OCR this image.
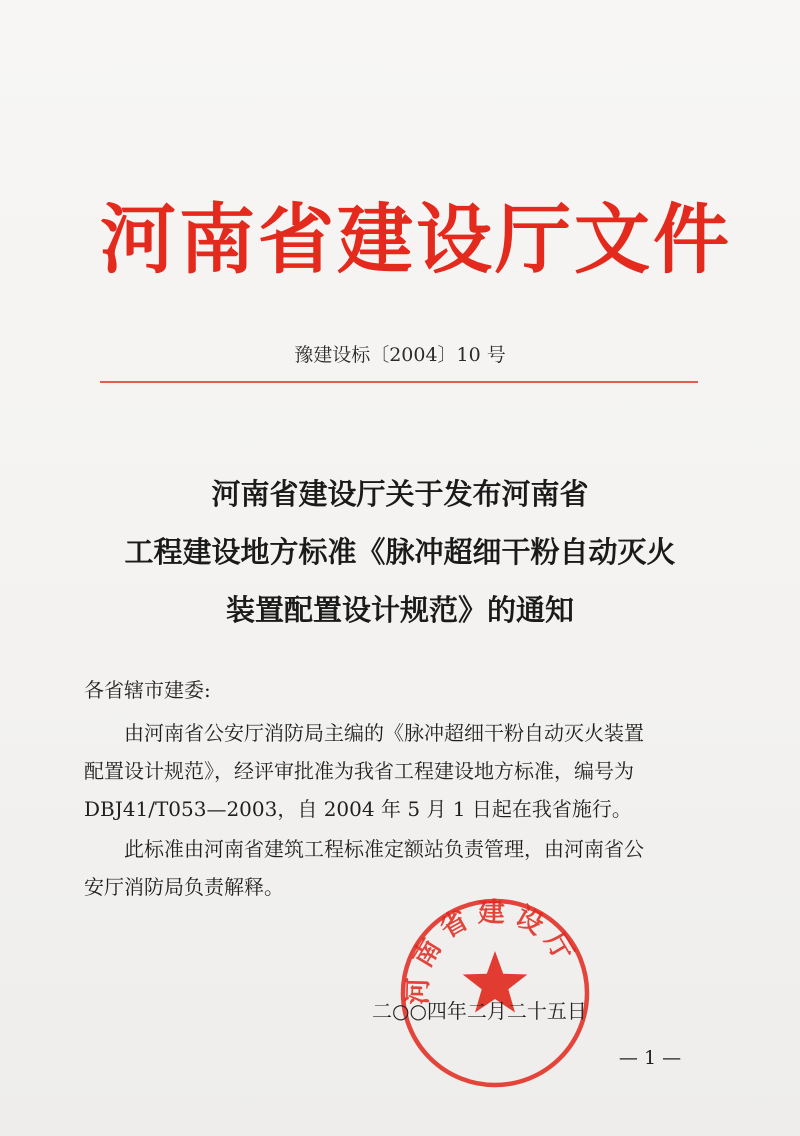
河南省建设厅文件
豫建设标〔2004〕10 号
河南省建设厅关于发布河南省
工程建设地方标准《脉冲超细干粉自动灭火
装置配置设计规范》的通知
各省辖市建委:
由河南省公安厅消防局主编的《脉冲超细干粉自动灭火装置
配置设计规范》，经评审批准为我省工程建设地方标准，编号为
DBJ41/T053—2003，自 2004 年 5 月 1 日起在我省施行。
此标准由河南省建筑工程标准定额站负责管理，由河南省公
安厅消防局负责解释。
河南省建设厅
二○○四年二月二十五日
— 1 —
